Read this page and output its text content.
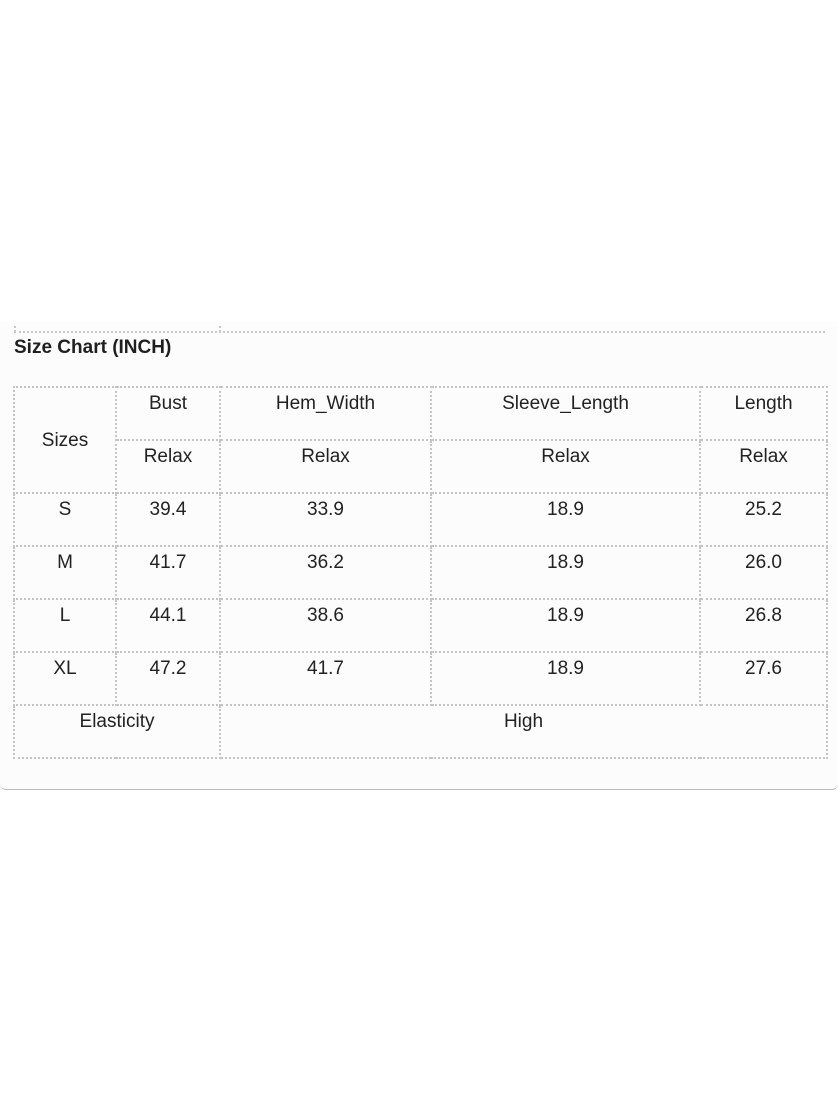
Size Chart (INCH)
Sizes	Bust	Hem_Width	Sleeve_Length	Length

	Relax	Relax	Relax	Relax

S	39.4	33.9	18.9	25.2

M	41.7	36.2	18.9	26.0

L	44.1	38.6	18.9	26.8

XL	47.2	41.7	18.9	27.6

Elasticity		High		
